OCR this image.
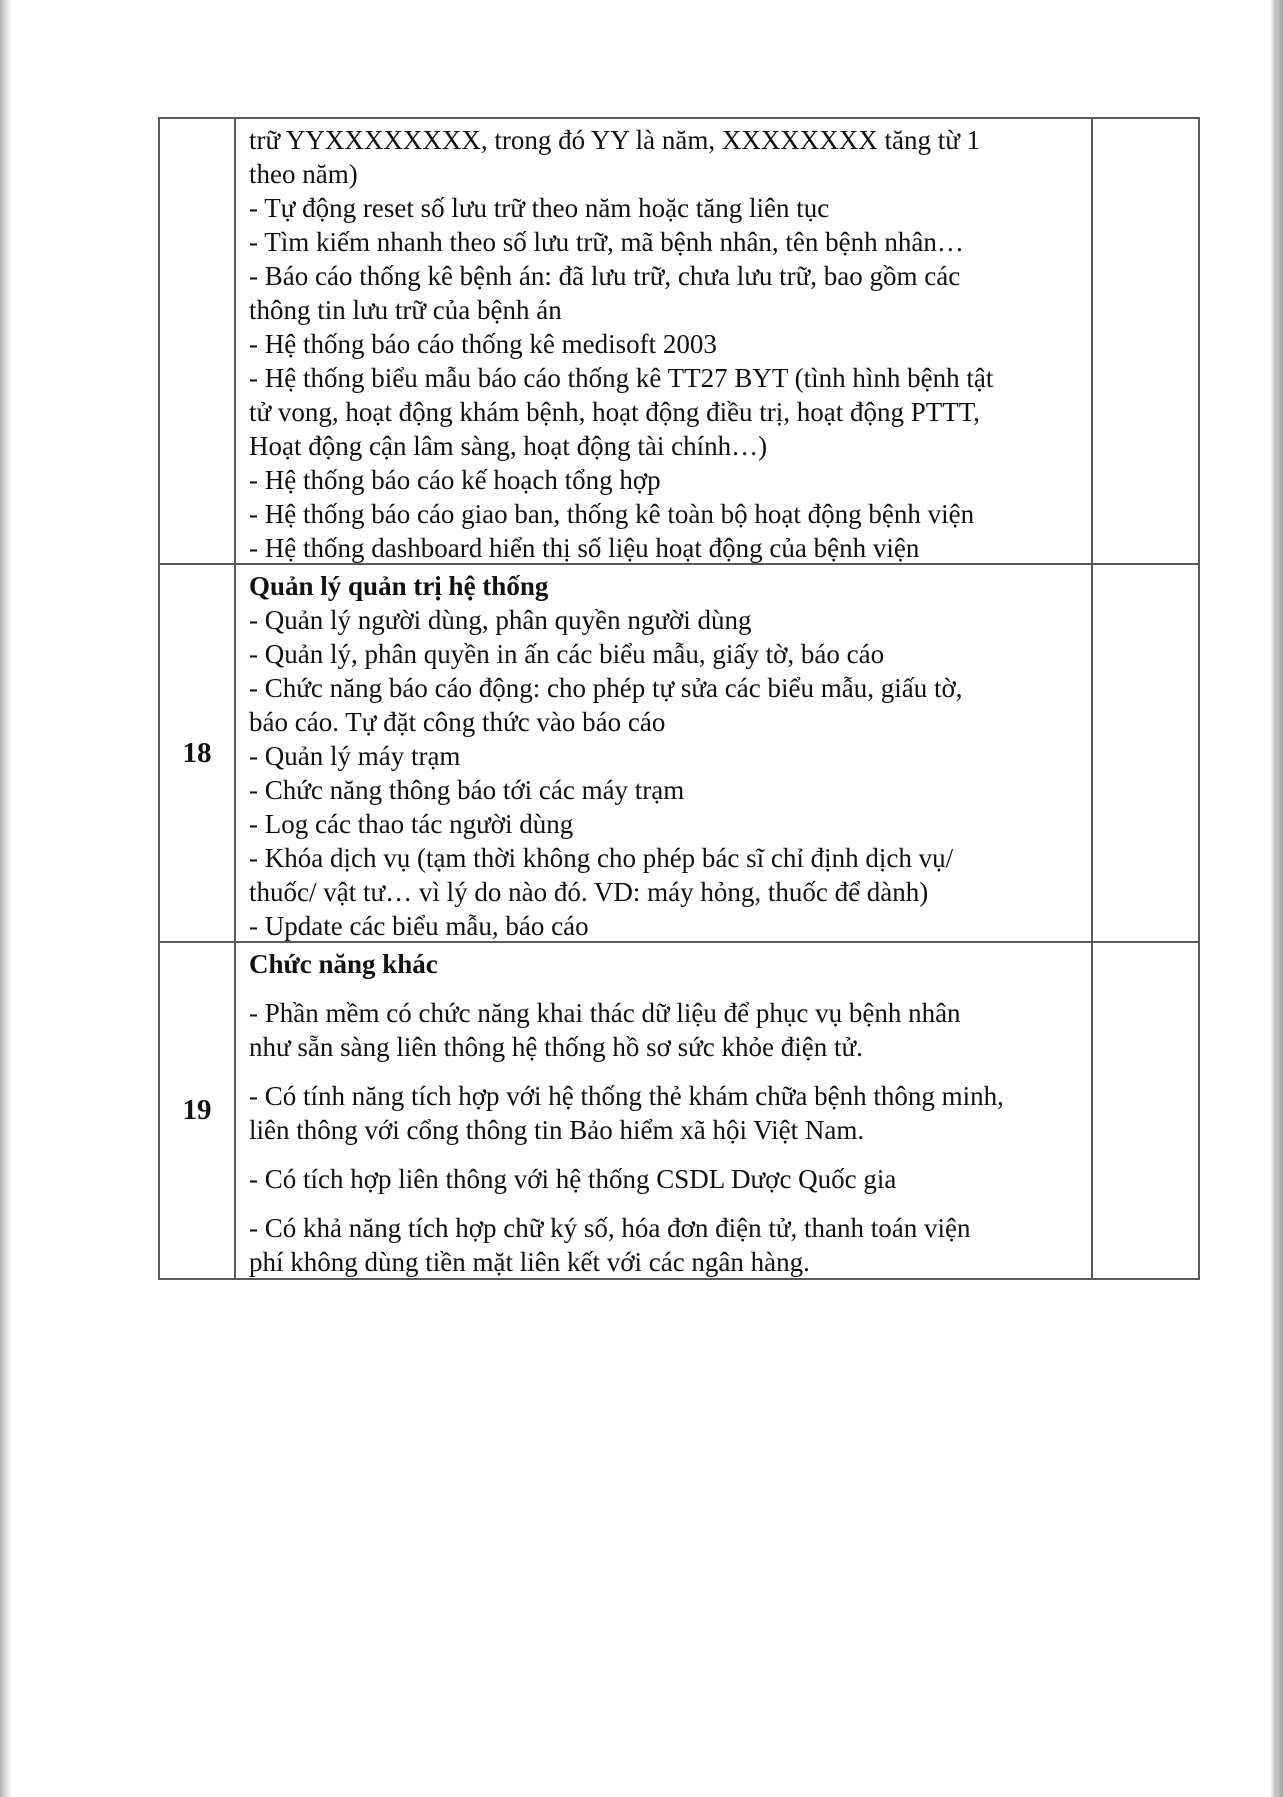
trữ YYXXXXXXXX, trong đó YY là năm, XXXXXXXX tăng từ 1
theo năm)
- Tự động reset số lưu trữ theo năm hoặc tăng liên tục
- Tìm kiếm nhanh theo số lưu trữ, mã bệnh nhân, tên bệnh nhân…
- Báo cáo thống kê bệnh án: đã lưu trữ, chưa lưu trữ, bao gồm các
thông tin lưu trữ của bệnh án
- Hệ thống báo cáo thống kê medisoft 2003
- Hệ thống biểu mẫu báo cáo thống kê TT27 BYT (tình hình bệnh tật
tử vong, hoạt động khám bệnh, hoạt động điều trị, hoạt động PTTT,
Hoạt động cận lâm sàng, hoạt động tài chính…)
- Hệ thống báo cáo kế hoạch tổng hợp
- Hệ thống báo cáo giao ban, thống kê toàn bộ hoạt động bệnh viện
- Hệ thống dashboard hiển thị số liệu hoạt động của bệnh viện
18
Quản lý quản trị hệ thống
- Quản lý người dùng, phân quyền người dùng
- Quản lý, phân quyền in ấn các biểu mẫu, giấy tờ, báo cáo
- Chức năng báo cáo động: cho phép tự sửa các biểu mẫu, giấu tờ,
báo cáo. Tự đặt công thức vào báo cáo
- Quản lý máy trạm
- Chức năng thông báo tới các máy trạm
- Log các thao tác người dùng
- Khóa dịch vụ (tạm thời không cho phép bác sĩ chỉ định dịch vụ/
thuốc/ vật tư… vì lý do nào đó. VD: máy hỏng, thuốc để dành)
- Update các biểu mẫu, báo cáo
19
Chức năng khác
- Phần mềm có chức năng khai thác dữ liệu để phục vụ bệnh nhân
như sẵn sàng liên thông hệ thống hồ sơ sức khỏe điện tử.
- Có tính năng tích hợp với hệ thống thẻ khám chữa bệnh thông minh,
liên thông với cổng thông tin Bảo hiểm xã hội Việt Nam.
- Có tích hợp liên thông với hệ thống CSDL Dược Quốc gia
- Có khả năng tích hợp chữ ký số, hóa đơn điện tử, thanh toán viện
phí không dùng tiền mặt liên kết với các ngân hàng.
